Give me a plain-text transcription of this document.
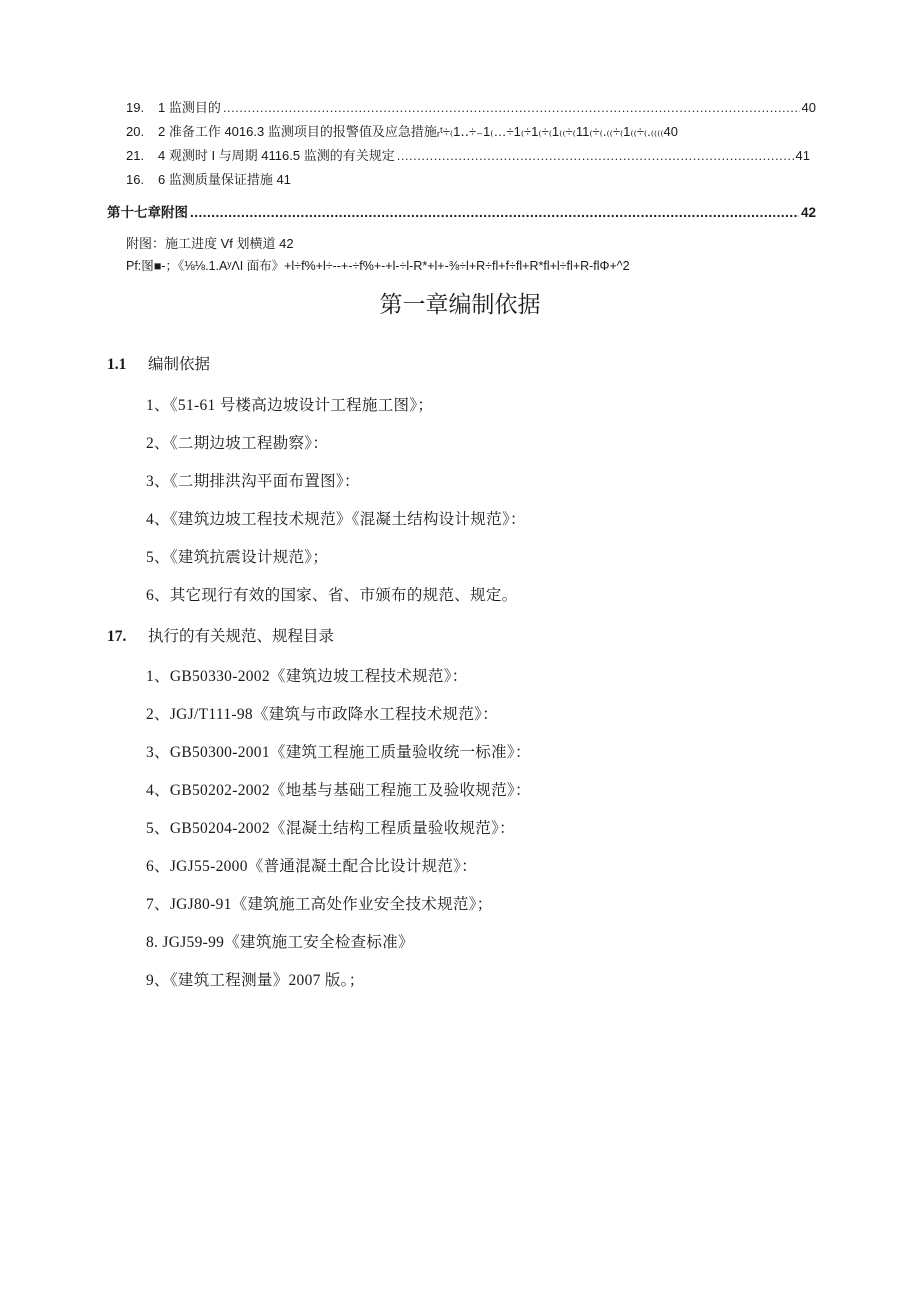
19.	1 监测目的 .....	40
20.	2 准备工作 4016.3 监测项目的报警值及应急措施ᵣᵗ÷₍1‥÷₋1₍…÷1₍÷1₍÷₍1₍₍÷₍11₍÷₍.₍₍÷₍1₍₍÷₍.₍₍₍₍40
21.	4 观测时 I 与周期 4116.5 监测的有关规定 .....	41
16.	6 监测质量保证措施 41
第十七章附图 .....	42
附图：施工进度 Vf 划横道 42
Pf:图■-；《⅛⅛.1.AʸΛI 面布》+l÷f%+l÷--+-÷f%+-+l-÷l-R*+l+-⅜÷l+R÷fl+f÷fl+R*fl+l÷fl+R-flΦ+^2
第一章编制依据
1.1	编制依据
1、《51-61 号楼高边坡设计工程施工图》；
2、《二期边坡工程勘察》：
3、《二期排洪沟平面布置图》：
4、《建筑边坡工程技术规范》《混凝土结构设计规范》：
5、《建筑抗震设计规范》；
6、其它现行有效的国家、省、市颁布的规范、规定。
17.	执行的有关规范、规程目录
1、GB50330-2002《建筑边坡工程技术规范》：
2、JGJ/T111-98《建筑与市政降水工程技术规范》：
3、GB50300-2001《建筑工程施工质量验收统一标准》：
4、GB50202-2002《地基与基础工程施工及验收规范》：
5、GB50204-2002《混凝土结构工程质量验收规范》：
6、JGJ55-2000《普通混凝土配合比设计规范》：
7、JGJ80-91《建筑施工高处作业安全技术规范》；
8. JGJ59-99《建筑施工安全检查标准》
9、《建筑工程测量》2007 版。；
